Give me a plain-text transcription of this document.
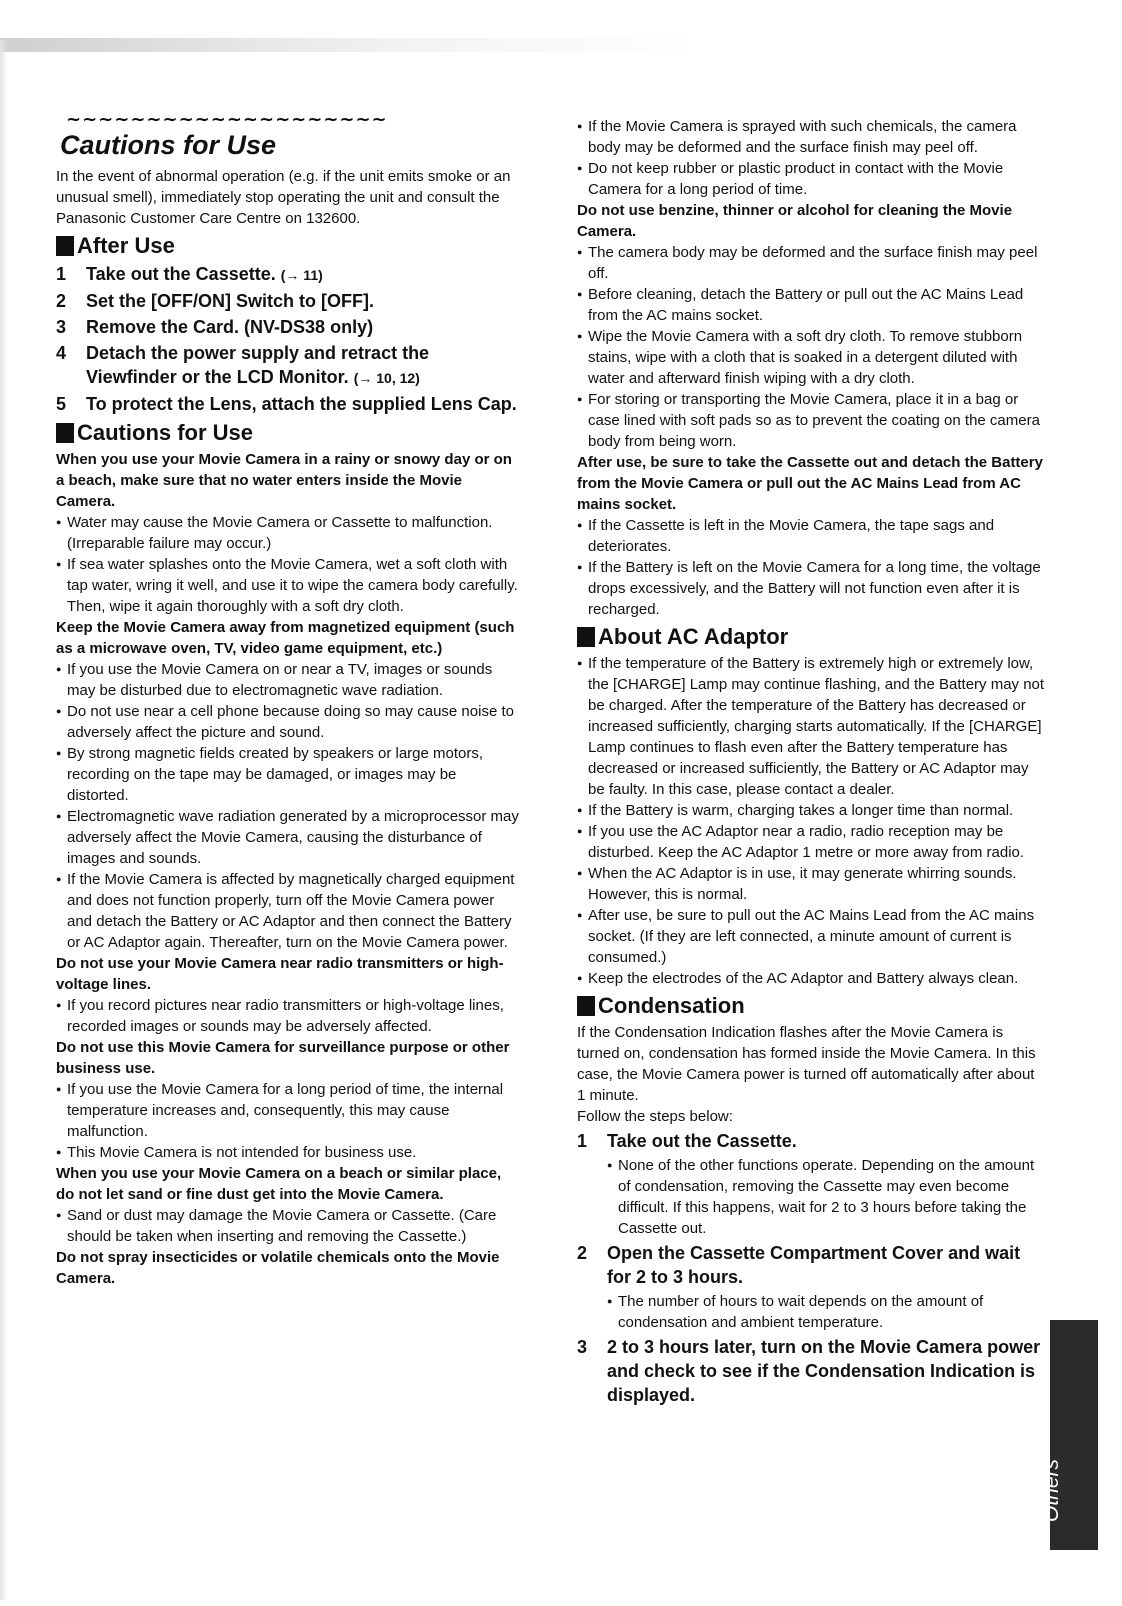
~~~~~~~~~~~~~~~~~~~~
Cautions for Use

In the event of abnormal operation (e.g. if the unit emits smoke or an unusual smell), immediately stop operating the unit and consult the Panasonic Customer Care Centre on 132600.

After Use
1	Take out the Cassette. (→ 11)
2	Set the [OFF/ON] Switch to [OFF].
3	Remove the Card. (NV-DS38 only)
4	Detach the power supply and retract the Viewfinder or the LCD Monitor. (→ 10, 12)
5	To protect the Lens, attach the supplied Lens Cap.
Cautions for Use
When you use your Movie Camera in a rainy or snowy day or on a beach, make sure that no water enters inside the Movie Camera.
● Water may cause the Movie Camera or Cassette to malfunction. (Irreparable failure may occur.)
● If sea water splashes onto the Movie Camera, wet a soft cloth with tap water, wring it well, and use it to wipe the camera body carefully. Then, wipe it again thoroughly with a soft dry cloth.
Keep the Movie Camera away from magnetized equipment (such as a microwave oven, TV, video game equipment, etc.)
● If you use the Movie Camera on or near a TV, images or sounds may be disturbed due to electromagnetic wave radiation.
● Do not use near a cell phone because doing so may cause noise to adversely affect the picture and sound.
● By strong magnetic fields created by speakers or large motors, recording on the tape may be damaged, or images may be distorted.
● Electromagnetic wave radiation generated by a microprocessor may adversely affect the Movie Camera, causing the disturbance of images and sounds.
● If the Movie Camera is affected by magnetically charged equipment and does not function properly, turn off the Movie Camera power and detach the Battery or AC Adaptor and then connect the Battery or AC Adaptor again. Thereafter, turn on the Movie Camera power.
Do not use your Movie Camera near radio transmitters or high-voltage lines.
● If you record pictures near radio transmitters or high-voltage lines, recorded images or sounds may be adversely affected.
Do not use this Movie Camera for surveillance purpose or other business use.
● If you use the Movie Camera for a long period of time, the internal temperature increases and, consequently, this may cause malfunction.
● This Movie Camera is not intended for business use.
When you use your Movie Camera on a beach or similar place, do not let sand or fine dust get into the Movie Camera.
● Sand or dust may damage the Movie Camera or Cassette. (Care should be taken when inserting and removing the Cassette.)
Do not spray insecticides or volatile chemicals onto the Movie Camera.
● If the Movie Camera is sprayed with such chemicals, the camera body may be deformed and the surface finish may peel off.
● Do not keep rubber or plastic product in contact with the Movie Camera for a long period of time.
Do not use benzine, thinner or alcohol for cleaning the Movie Camera.
● The camera body may be deformed and the surface finish may peel off.
● Before cleaning, detach the Battery or pull out the AC Mains Lead from the AC mains socket.
● Wipe the Movie Camera with a soft dry cloth. To remove stubborn stains, wipe with a cloth that is soaked in a detergent diluted with water and afterward finish wiping with a dry cloth.
● For storing or transporting the Movie Camera, place it in a bag or case lined with soft pads so as to prevent the coating on the camera body from being worn.
After use, be sure to take the Cassette out and detach the Battery from the Movie Camera or pull out the AC Mains Lead from AC mains socket.
● If the Cassette is left in the Movie Camera, the tape sags and deteriorates.
● If the Battery is left on the Movie Camera for a long time, the voltage drops excessively, and the Battery will not function even after it is recharged.
About AC Adaptor
● If the temperature of the Battery is extremely high or extremely low, the [CHARGE] Lamp may continue flashing, and the Battery may not be charged. After the temperature of the Battery has decreased or increased sufficiently, charging starts automatically. If the [CHARGE] Lamp continues to flash even after the Battery temperature has decreased or increased sufficiently, the Battery or AC Adaptor may be faulty. In this case, please contact a dealer.
● If the Battery is warm, charging takes a longer time than normal.
● If you use the AC Adaptor near a radio, radio reception may be disturbed. Keep the AC Adaptor 1 metre or more away from radio.
● When the AC Adaptor is in use, it may generate whirring sounds. However, this is normal.
● After use, be sure to pull out the AC Mains Lead from the AC mains socket. (If they are left connected, a minute amount of current is consumed.)
● Keep the electrodes of the AC Adaptor and Battery always clean.
Condensation

If the Condensation Indication flashes after the Movie Camera is turned on, condensation has formed inside the Movie Camera. In this case, the Movie Camera power is turned off automatically after about 1 minute.

Follow the steps below:

1	Take out the Cassette.
● None of the other functions operate. Depending on the amount of condensation, removing the Cassette may even become difficult. If this happens, wait for 2 to 3 hours before taking the Cassette out.
2	Open the Cassette Compartment Cover and wait for 2 to 3 hours.
● The number of hours to wait depends on the amount of condensation and ambient temperature.
3	2 to 3 hours later, turn on the Movie Camera power and check to see if the Condensation Indication is displayed.
Others
